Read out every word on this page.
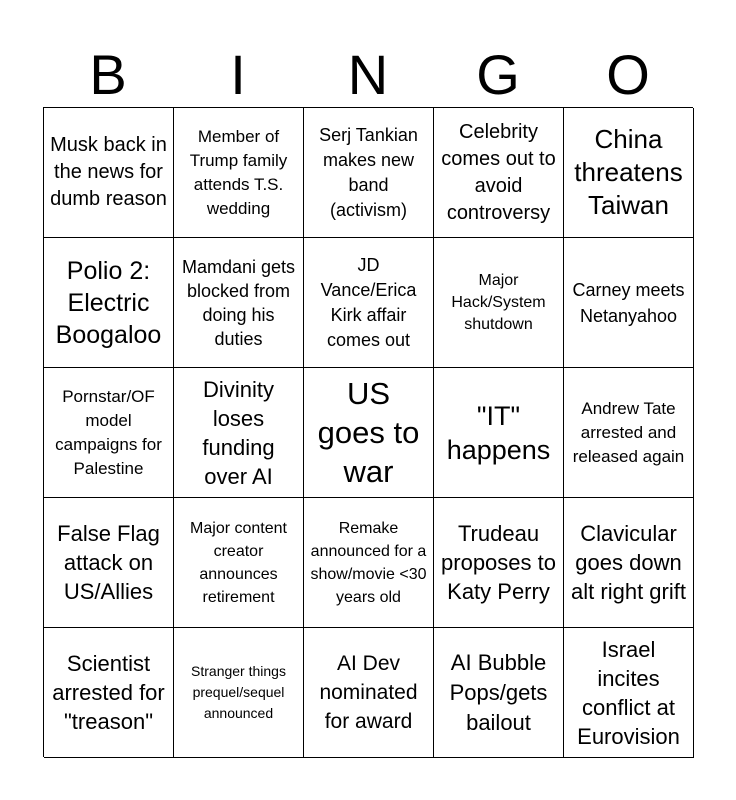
B	I	N	G	O
Musk back in the news for dumb reason
Member of Trump family attends T.S. wedding
Serj Tankian makes new band (activism)
Celebrity comes out to avoid controversy
China threatens Taiwan
Polio 2: Electric Boogaloo
Mamdani gets blocked from doing his duties
JD Vance/Erica Kirk affair comes out
Major Hack/System shutdown
Carney meets Netanyahoo
Pornstar/OF model campaigns for Palestine
Divinity loses funding over AI
US goes to war
"IT" happens
Andrew Tate arrested and released again
False Flag attack on US/Allies
Major content creator announces retirement
Remake announced for a show/movie <30 years old
Trudeau proposes to Katy Perry
Clavicular goes down alt right grift
Scientist arrested for "treason"
Stranger things prequel/sequel announced
AI Dev nominated for award
AI Bubble Pops/gets bailout
Israel incites conflict at Eurovision
